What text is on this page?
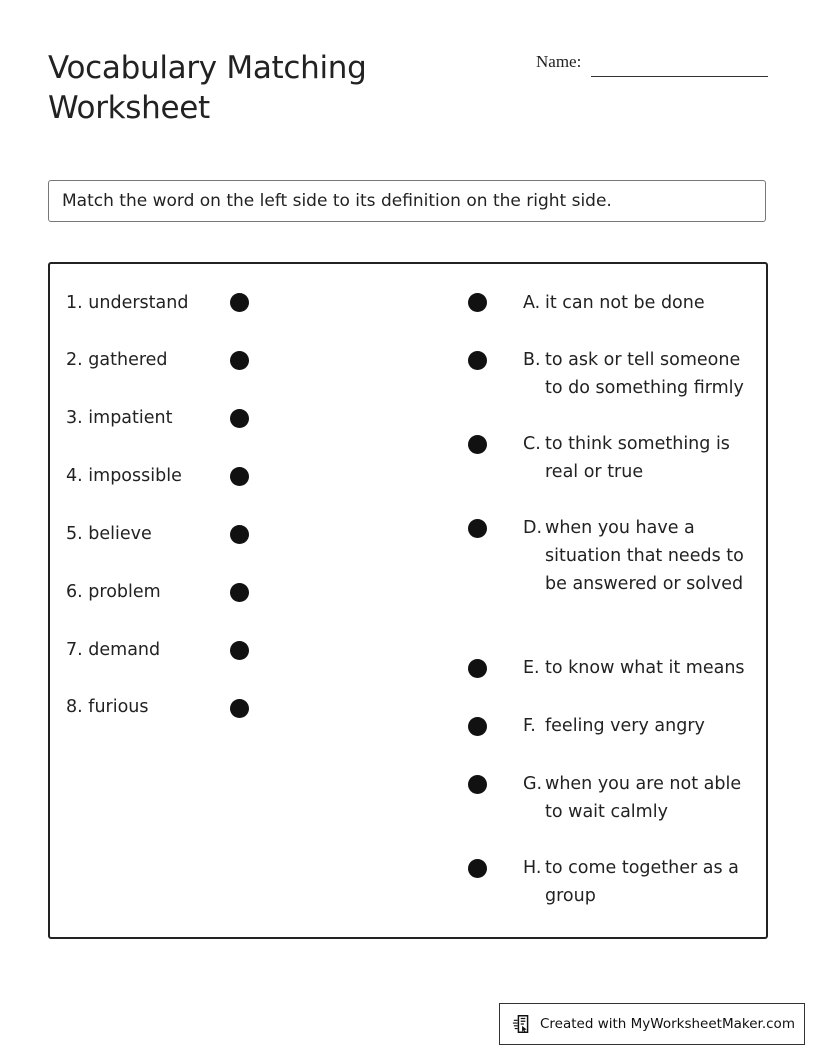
Vocabulary Matching
Worksheet
Name:
Match the word on the left side to its definition on the right side.
1. understand
2. gathered
3. impatient
4. impossible
5. believe
6. problem
7. demand
8. furious
A. it can not be done
B. to ask or tell someone to do something firmly
C. to think something is real or true
D. when you have a situation that needs to be answered or solved
E. to know what it means
F. feeling very angry
G. when you are not able to wait calmly
H. to come together as a group
Created with MyWorksheetMaker.com
